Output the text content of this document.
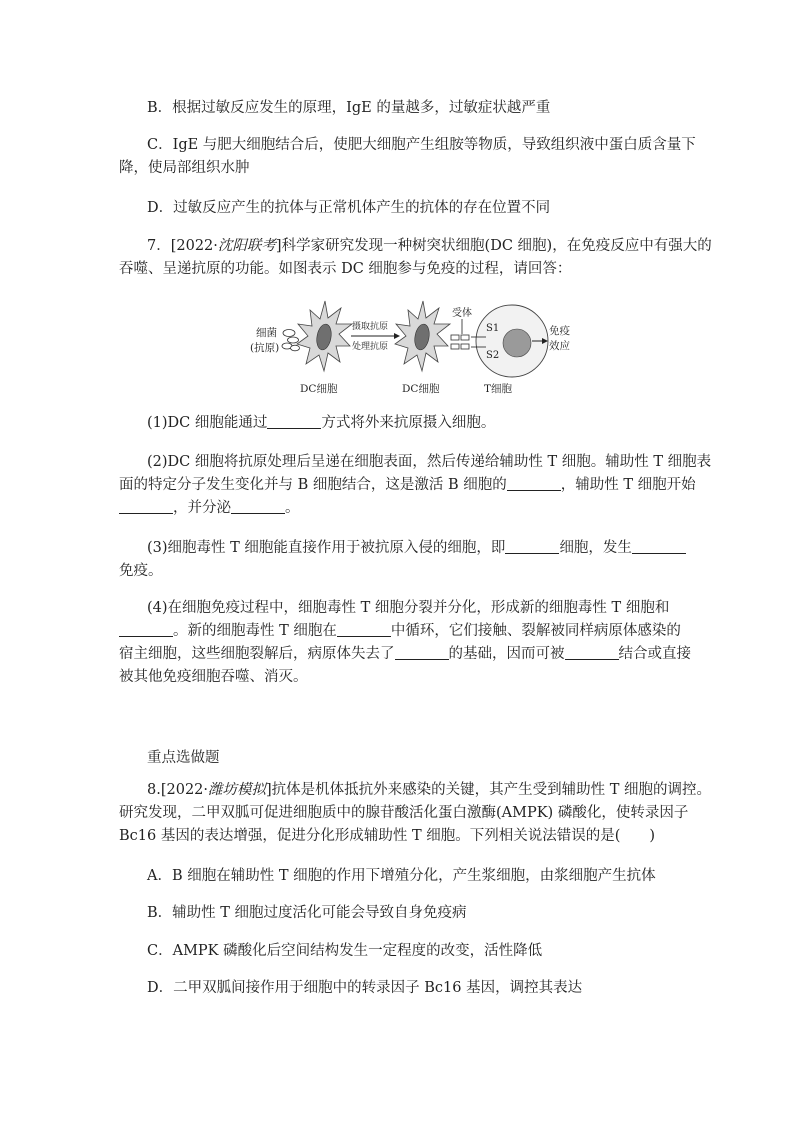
B．根据过敏反应发生的原理，IgE 的量越多，过敏症状越严重
C．IgE 与肥大细胞结合后，使肥大细胞产生组胺等物质，导致组织液中蛋白质含量下
降，使局部组织水肿
D．过敏反应产生的抗体与正常机体产生的抗体的存在位置不同
7．[2022·沈阳联考]科学家研究发现一种树突状细胞(DC 细胞)，在免疫反应中有强大的
吞噬、呈递抗原的功能。如图表示 DC 细胞参与免疫的过程，请回答：
细菌
(抗原)
摄取抗原
处理抗原
受体
S1
S2
免疫
效应
DC细胞	DC细胞	T细胞
(1)DC 细胞能通过	方式将外来抗原摄入细胞。
(2)DC 细胞将抗原处理后呈递在细胞表面，然后传递给辅助性 T 细胞。辅助性 T 细胞表
面的特定分子发生变化并与 B 细胞结合，这是激活 B 细胞的	，辅助性 T 细胞开始
，并分泌	。
(3)细胞毒性 T 细胞能直接作用于被抗原入侵的细胞，即	细胞，发生
免疫。
(4)在细胞免疫过程中，细胞毒性 T 细胞分裂并分化，形成新的细胞毒性 T 细胞和
。新的细胞毒性 T 细胞在	中循环，它们接触、裂解被同样病原体感染的
宿主细胞，这些细胞裂解后，病原体失去了	的基础，因而可被	结合或直接
被其他免疫细胞吞噬、消灭。
重点选做题
8.[2022·潍坊模拟]抗体是机体抵抗外来感染的关键，其产生受到辅助性 T 细胞的调控。
研究发现，二甲双胍可促进细胞质中的腺苷酸活化蛋白激酶(AMPK) 磷酸化，使转录因子
Bc16 基因的表达增强，促进分化形成辅助性 T 细胞。下列相关说法错误的是(　　)
A．B 细胞在辅助性 T 细胞的作用下增殖分化，产生浆细胞，由浆细胞产生抗体
B．辅助性 T 细胞过度活化可能会导致自身免疫病
C．AMPK 磷酸化后空间结构发生一定程度的改变，活性降低
D．二甲双胍间接作用于细胞中的转录因子 Bc16 基因，调控其表达
